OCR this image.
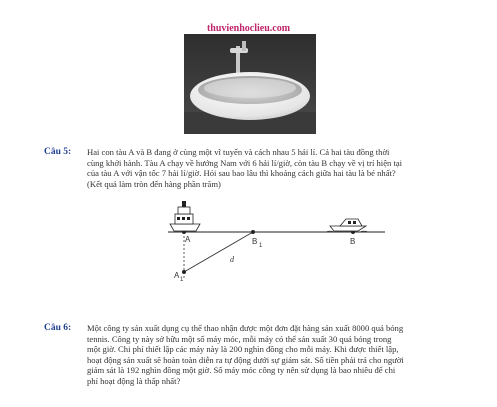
thuvienhoclieu.com
Câu 5: Hai con tàu A và B đang ở cùng một vĩ tuyến và cách nhau 5 hải lí. Cả hai tàu đồng thời
cùng khởi hành. Tàu A chạy về hướng Nam với 6 hải lí/giờ, còn tàu B chạy về vị trí hiện tại
của tàu A với vận tốc 7 hải lí/giờ. Hỏi sau bao lâu thì khoảng cách giữa hai tàu là bé nhất?
(Kết quả làm tròn đến hàng phần trăm)
A	B 1	B
A 1
d
Câu 6: Một công ty sản xuất dụng cụ thể thao nhận được một đơn đặt hàng sản xuất 8000 quả bóng
tennis. Công ty này sở hữu một số máy móc, mỗi máy có thể sản xuất 30 quả bóng trong
một giờ. Chi phí thiết lập các máy này là 200 nghìn đồng cho mỗi máy. Khi được thiết lập,
hoạt động sản xuất sẽ hoàn toàn diễn ra tự động dưới sự giám sát. Số tiền phải trả cho người
giám sát là 192 nghìn đồng một giờ. Số máy móc công ty nên sử dụng là bao nhiêu để chi
phí hoạt động là thấp nhất?
